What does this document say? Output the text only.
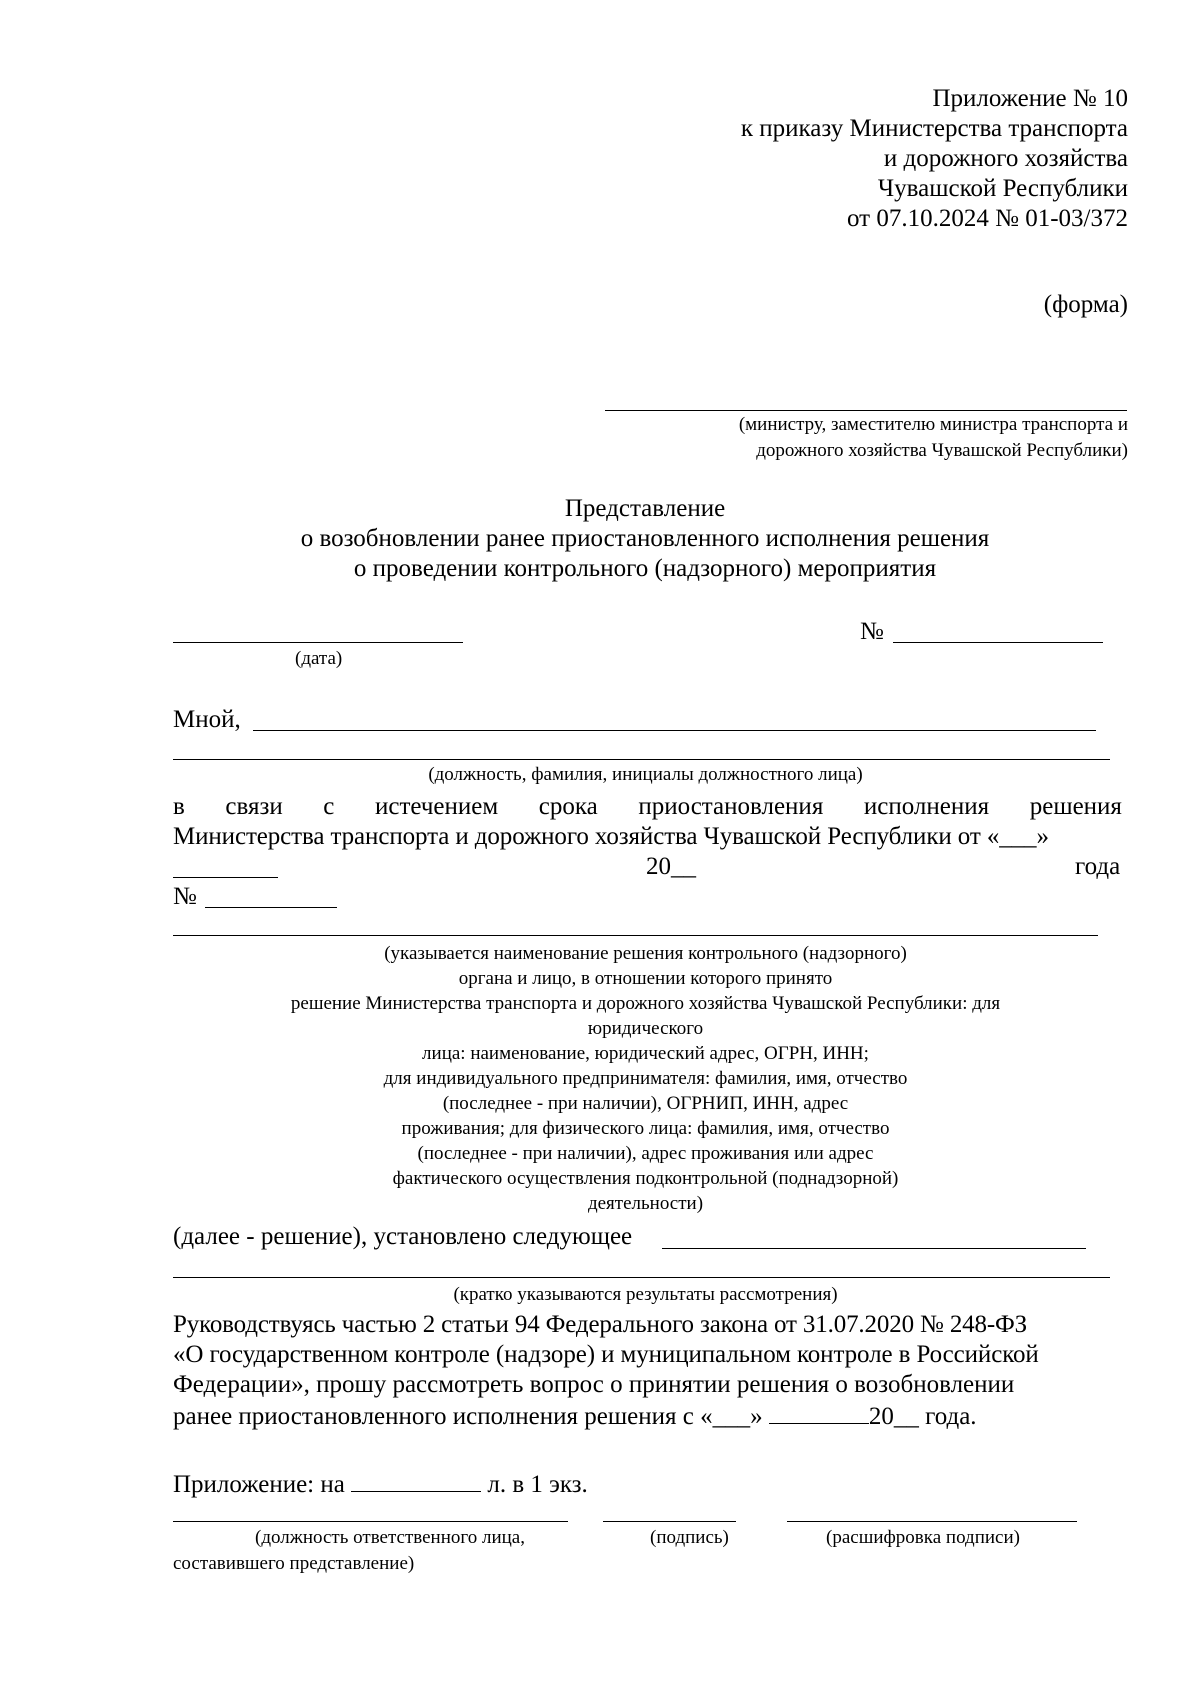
Приложение № 10
к приказу Министерства транспорта
и дорожного хозяйства
Чувашской Республики
от 07.10.2024 № 01-03/372
(форма)
(министру, заместителю министра транспорта и
дорожного хозяйства Чувашской Республики)
Представление
о возобновлении ранее приостановленного исполнения решения
о проведении контрольного (надзорного) мероприятия
(дата)
№
Мной,
(должность, фамилия, инициалы должностного лица)
в связи с истечением срока приостановления исполнения решения
Министерства транспорта и дорожного хозяйства Чувашской Республики от «___»
20__	года
№
(указывается наименование решения контрольного (надзорного)
органа и лицо, в отношении которого принято
решение Министерства транспорта и дорожного хозяйства Чувашской Республики: для
юридического
лица: наименование, юридический адрес, ОГРН, ИНН;
для индивидуального предпринимателя: фамилия, имя, отчество
(последнее - при наличии), ОГРНИП, ИНН, адрес
проживания; для физического лица: фамилия, имя, отчество
(последнее - при наличии), адрес проживания или адрес
фактического осуществления подконтрольной (поднадзорной)
деятельности)
(далее - решение), установлено следующее
(кратко указываются результаты рассмотрения)
Руководствуясь частью 2 статьи 94 Федерального закона от 31.07.2020 № 248-ФЗ
«О государственном контроле (надзоре) и муниципальном контроле в Российской
Федерации», прошу рассмотреть вопрос о принятии решения о возобновлении
ранее приостановленного исполнения решения с «___»	20__ года.
Приложение: на	л. в 1 экз.
(должность ответственного лица,
составившего представление)
(подпись)	(расшифровка подписи)
